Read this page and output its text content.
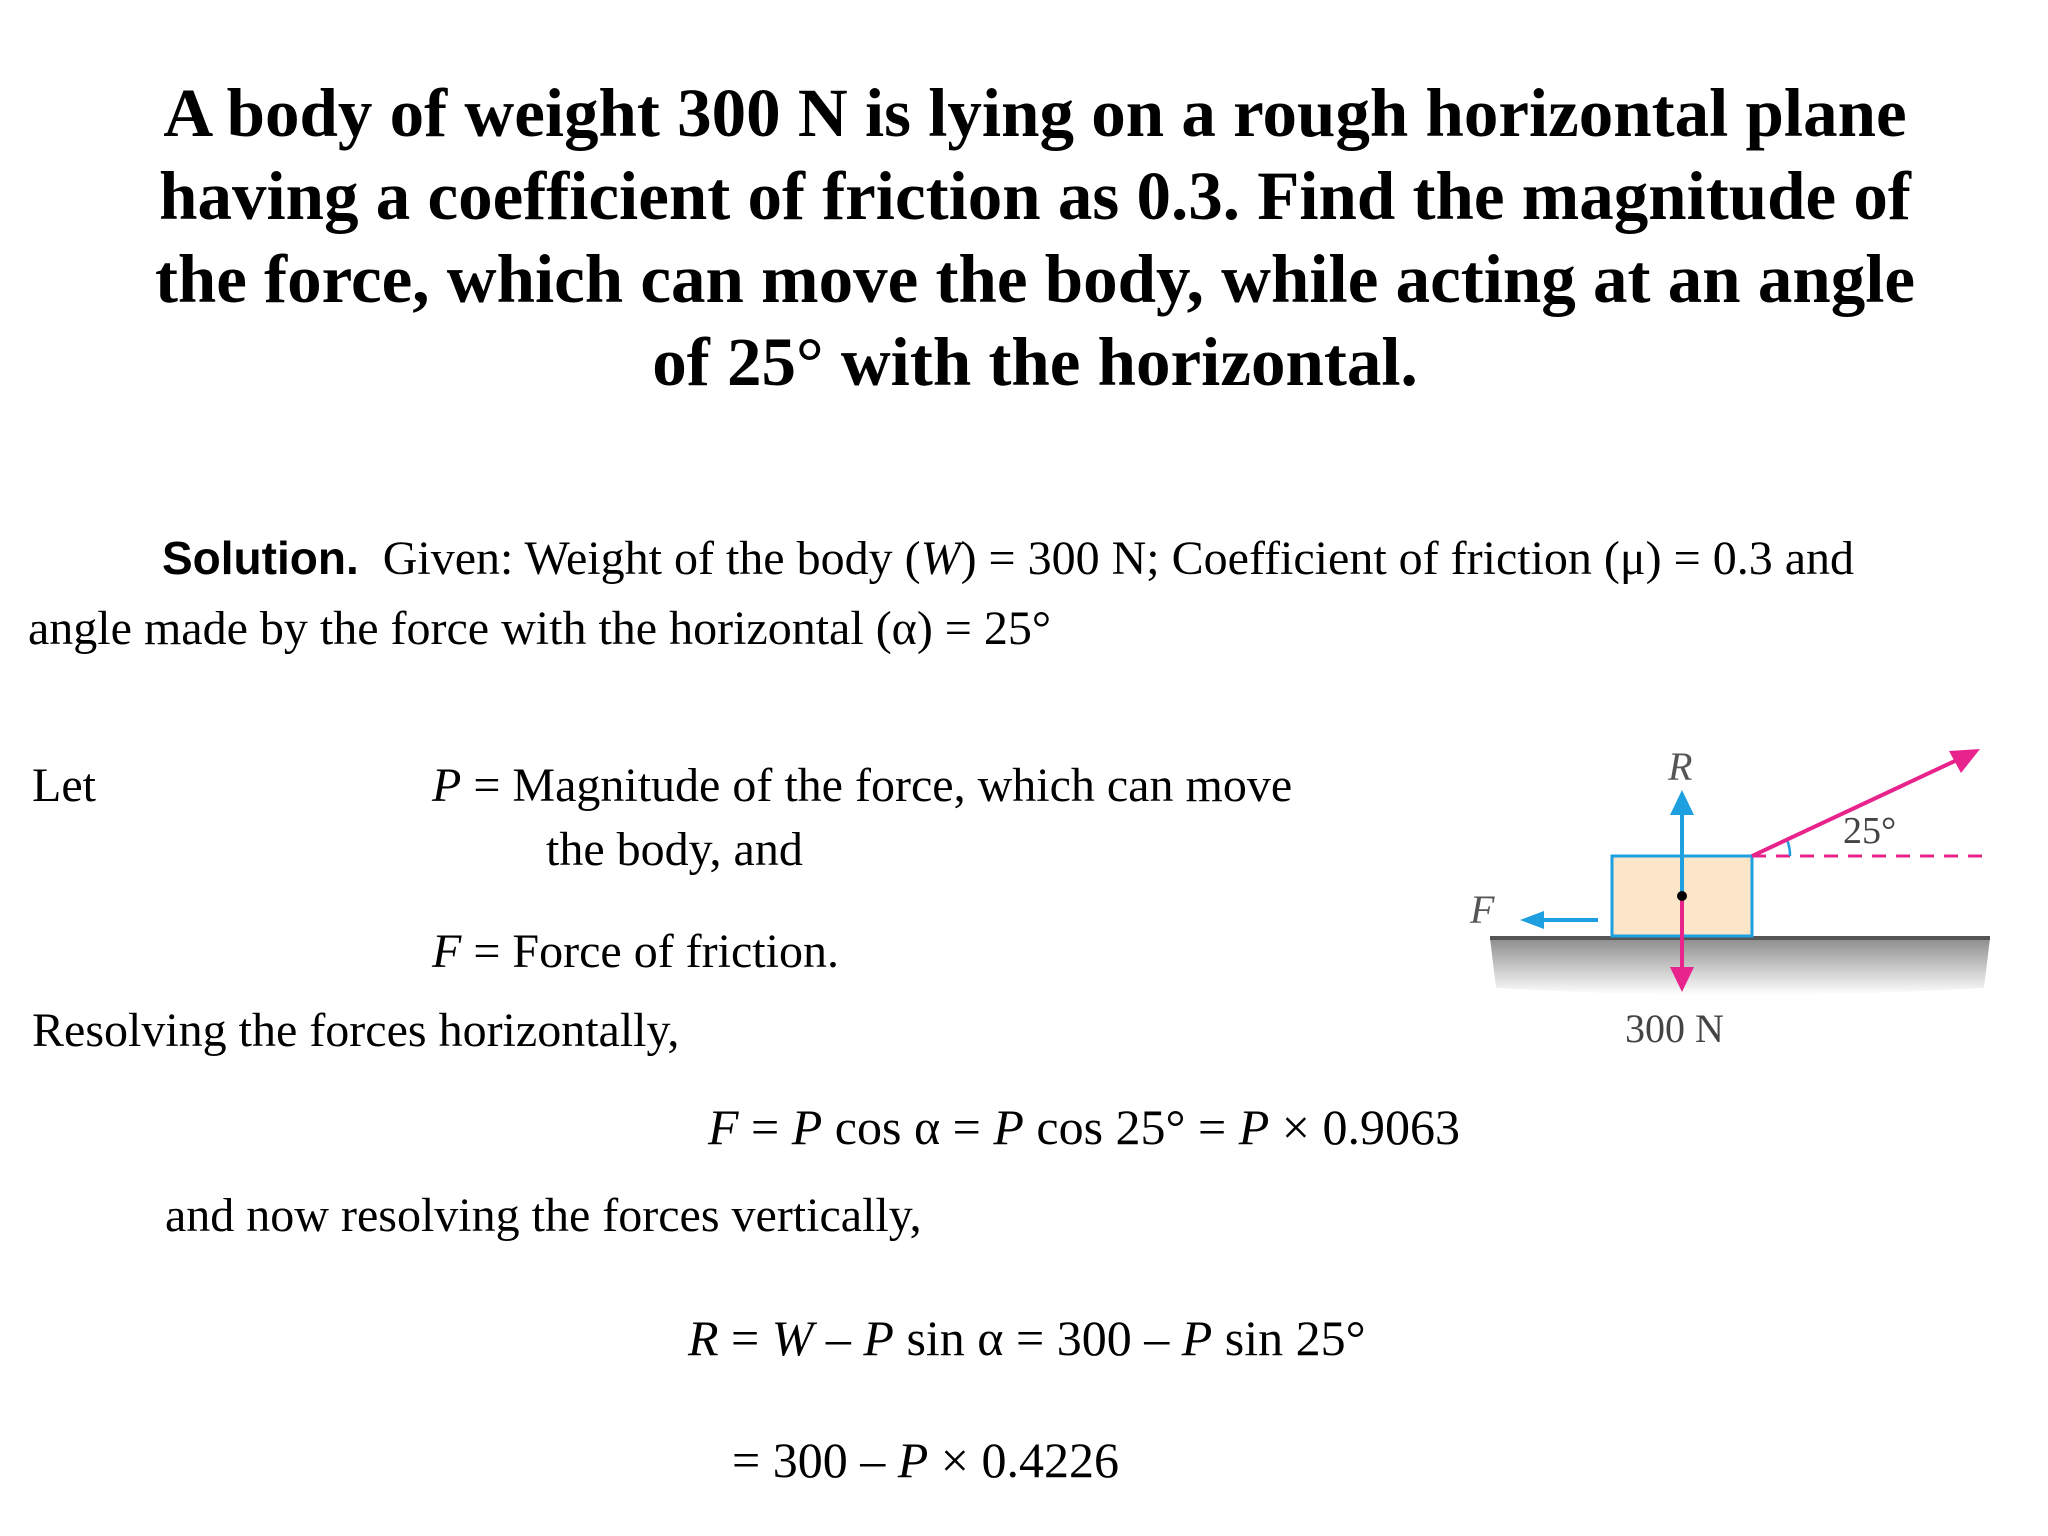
A body of weight 300 N is lying on a rough horizontal plane
having a coefficient of friction as 0.3. Find the magnitude of
the force, which can move the body, while acting at an angle
of 25° with the horizontal.
Solution. Given: Weight of the body (W) = 300 N; Coefficient of friction (μ) = 0.3 and
angle made by the force with the horizontal (α) = 25°
Let	P = Magnitude of the force, which can move
the body, and
F = Force of friction.
Resolving the forces horizontally,
F = P cos α = P cos 25° = P × 0.9063
and now resolving the forces vertically,
R = W – P sin α = 300 – P sin 25°
= 300 – P × 0.4226
R
F
25°
300 N
